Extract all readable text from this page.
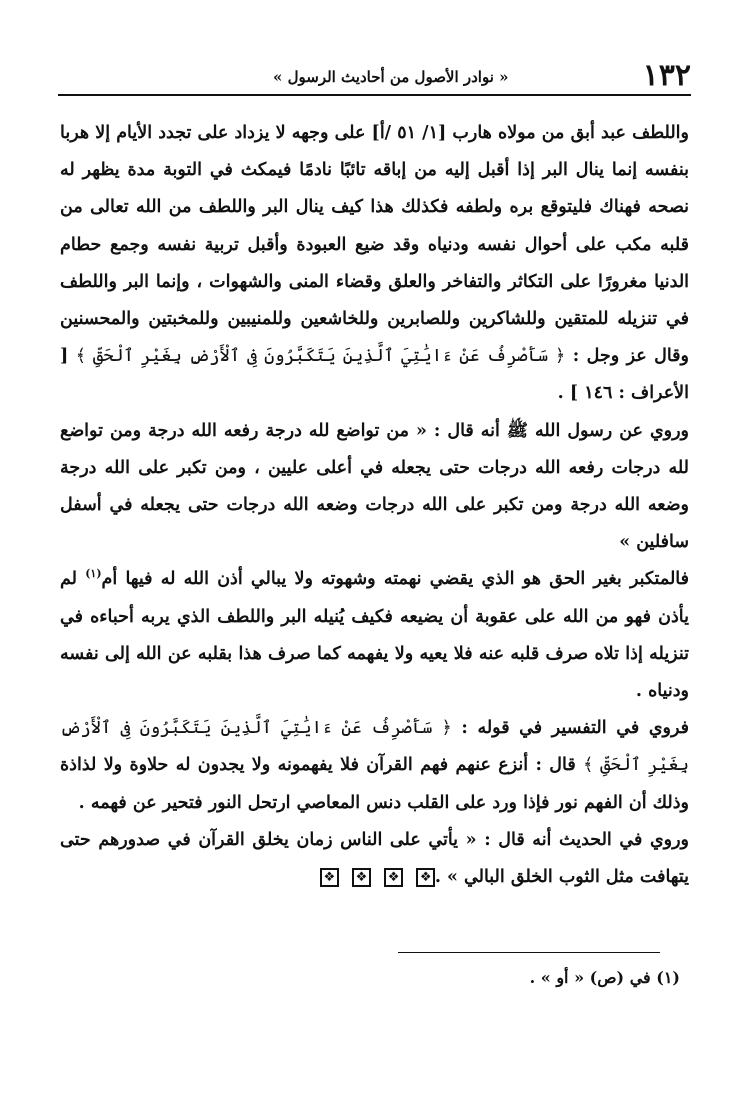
١٣٢
« نوادر الأصول من أحاديث الرسول »

واللطف عبد أبق من مولاه هارب [١/ ٥١ /أ] على وجهه لا يزداد على تجدد الأيام إلا هربا بنفسه إنما ينال البر إذا أقبل إليه من إباقه تائبًا نادمًا فيمكث في التوبة مدة يظهر له نصحه فهناك فليتوقع بره ولطفه فكذلك هذا كيف ينال البر واللطف من الله تعالى من قلبه مكب على أحوال نفسه ودنياه وقد ضيع العبودة وأقبل تربية نفسه وجمع حطام الدنيا مغرورًا على التكاثر والتفاخر والعلق وقضاء المنى والشهوات ، وإنما البر واللطف في تنزيله للمتقين وللشاكرين وللصابرين وللخاشعين وللمنيبين وللمخبتين والمحسنين وقال عز وجل : ﴿ سَأَصْرِفُ عَنْ ءَايَٰتِيَ ٱلَّذِينَ يَتَكَبَّرُونَ فِى ٱلْأَرْضِ بِغَيْرِ ٱلْحَقِّ ﴾ [ الأعراف : ١٤٦ ] .

وروي عن رسول الله ﷺ أنه قال : « من تواضع لله درجة رفعه الله درجة ومن تواضع لله درجات رفعه الله درجات حتى يجعله في أعلى عليين ، ومن تكبر على الله درجة وضعه الله درجة ومن تكبر على الله درجات وضعه الله درجات حتى يجعله في أسفل سافلين »

فالمتكبر بغير الحق هو الذي يقضي نهمته وشهوته ولا يبالي أذن الله له فيها أم$^{(١)}$ لم يأذن فهو من الله على عقوبة أن يضيعه فكيف يُنيله البر واللطف الذي يربه أحباءه في تنزيله إذا تلاه صرف قلبه عنه فلا يعيه ولا يفهمه كما صرف هذا بقلبه عن الله إلى نفسه ودنياه .

فروي في التفسير في قوله : ﴿ سَأَصْرِفُ عَنْ ءَايَٰتِيَ ٱلَّذِينَ يَتَكَبَّرُونَ فِى ٱلْأَرْضِ بِغَيْرِ ٱلْحَقِّ ﴾ قال : أنزع عنهم فهم القرآن فلا يفهمونه ولا يجدون له حلاوة ولا لذاذة وذلك أن الفهم نور فإذا ورد على القلب دنس المعاصي ارتحل النور فتحير عن فهمه .

وروي في الحديث أنه قال : « يأتي على الناس زمان يخلق القرآن في صدورهم حتى يتهافت مثل الثوب الخلق البالي » .

❖ ❖ ❖ ❖
(١) في (ص) « أو » .
